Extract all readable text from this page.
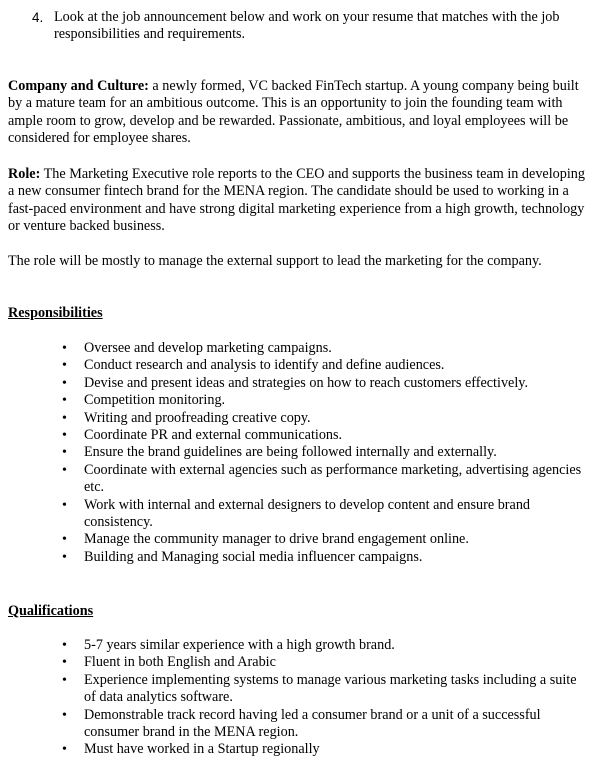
4. Look at the job announcement below and work on your resume that matches with the job responsibilities and requirements.

Company and Culture: a newly formed, VC backed FinTech startup. A young company being built by a mature team for an ambitious outcome. This is an opportunity to join the founding team with ample room to grow, develop and be rewarded. Passionate, ambitious, and loyal employees will be considered for employee shares.

Role: The Marketing Executive role reports to the CEO and supports the business team in developing a new consumer fintech brand for the MENA region. The candidate should be used to working in a fast-paced environment and have strong digital marketing experience from a high growth, technology or venture backed business.

The role will be mostly to manage the external support to lead the marketing for the company.

Responsibilities

• Oversee and develop marketing campaigns.
• Conduct research and analysis to identify and define audiences.
• Devise and present ideas and strategies on how to reach customers effectively.
• Competition monitoring.
• Writing and proofreading creative copy.
• Coordinate PR and external communications.
• Ensure the brand guidelines are being followed internally and externally.
• Coordinate with external agencies such as performance marketing, advertising agencies etc.
• Work with internal and external designers to develop content and ensure brand consistency.
• Manage the community manager to drive brand engagement online.
• Building and Managing social media influencer campaigns.

Qualifications

• 5-7 years similar experience with a high growth brand.
• Fluent in both English and Arabic
• Experience implementing systems to manage various marketing tasks including a suite of data analytics software.
• Demonstrable track record having led a consumer brand or a unit of a successful consumer brand in the MENA region.
• Must have worked in a Startup regionally
